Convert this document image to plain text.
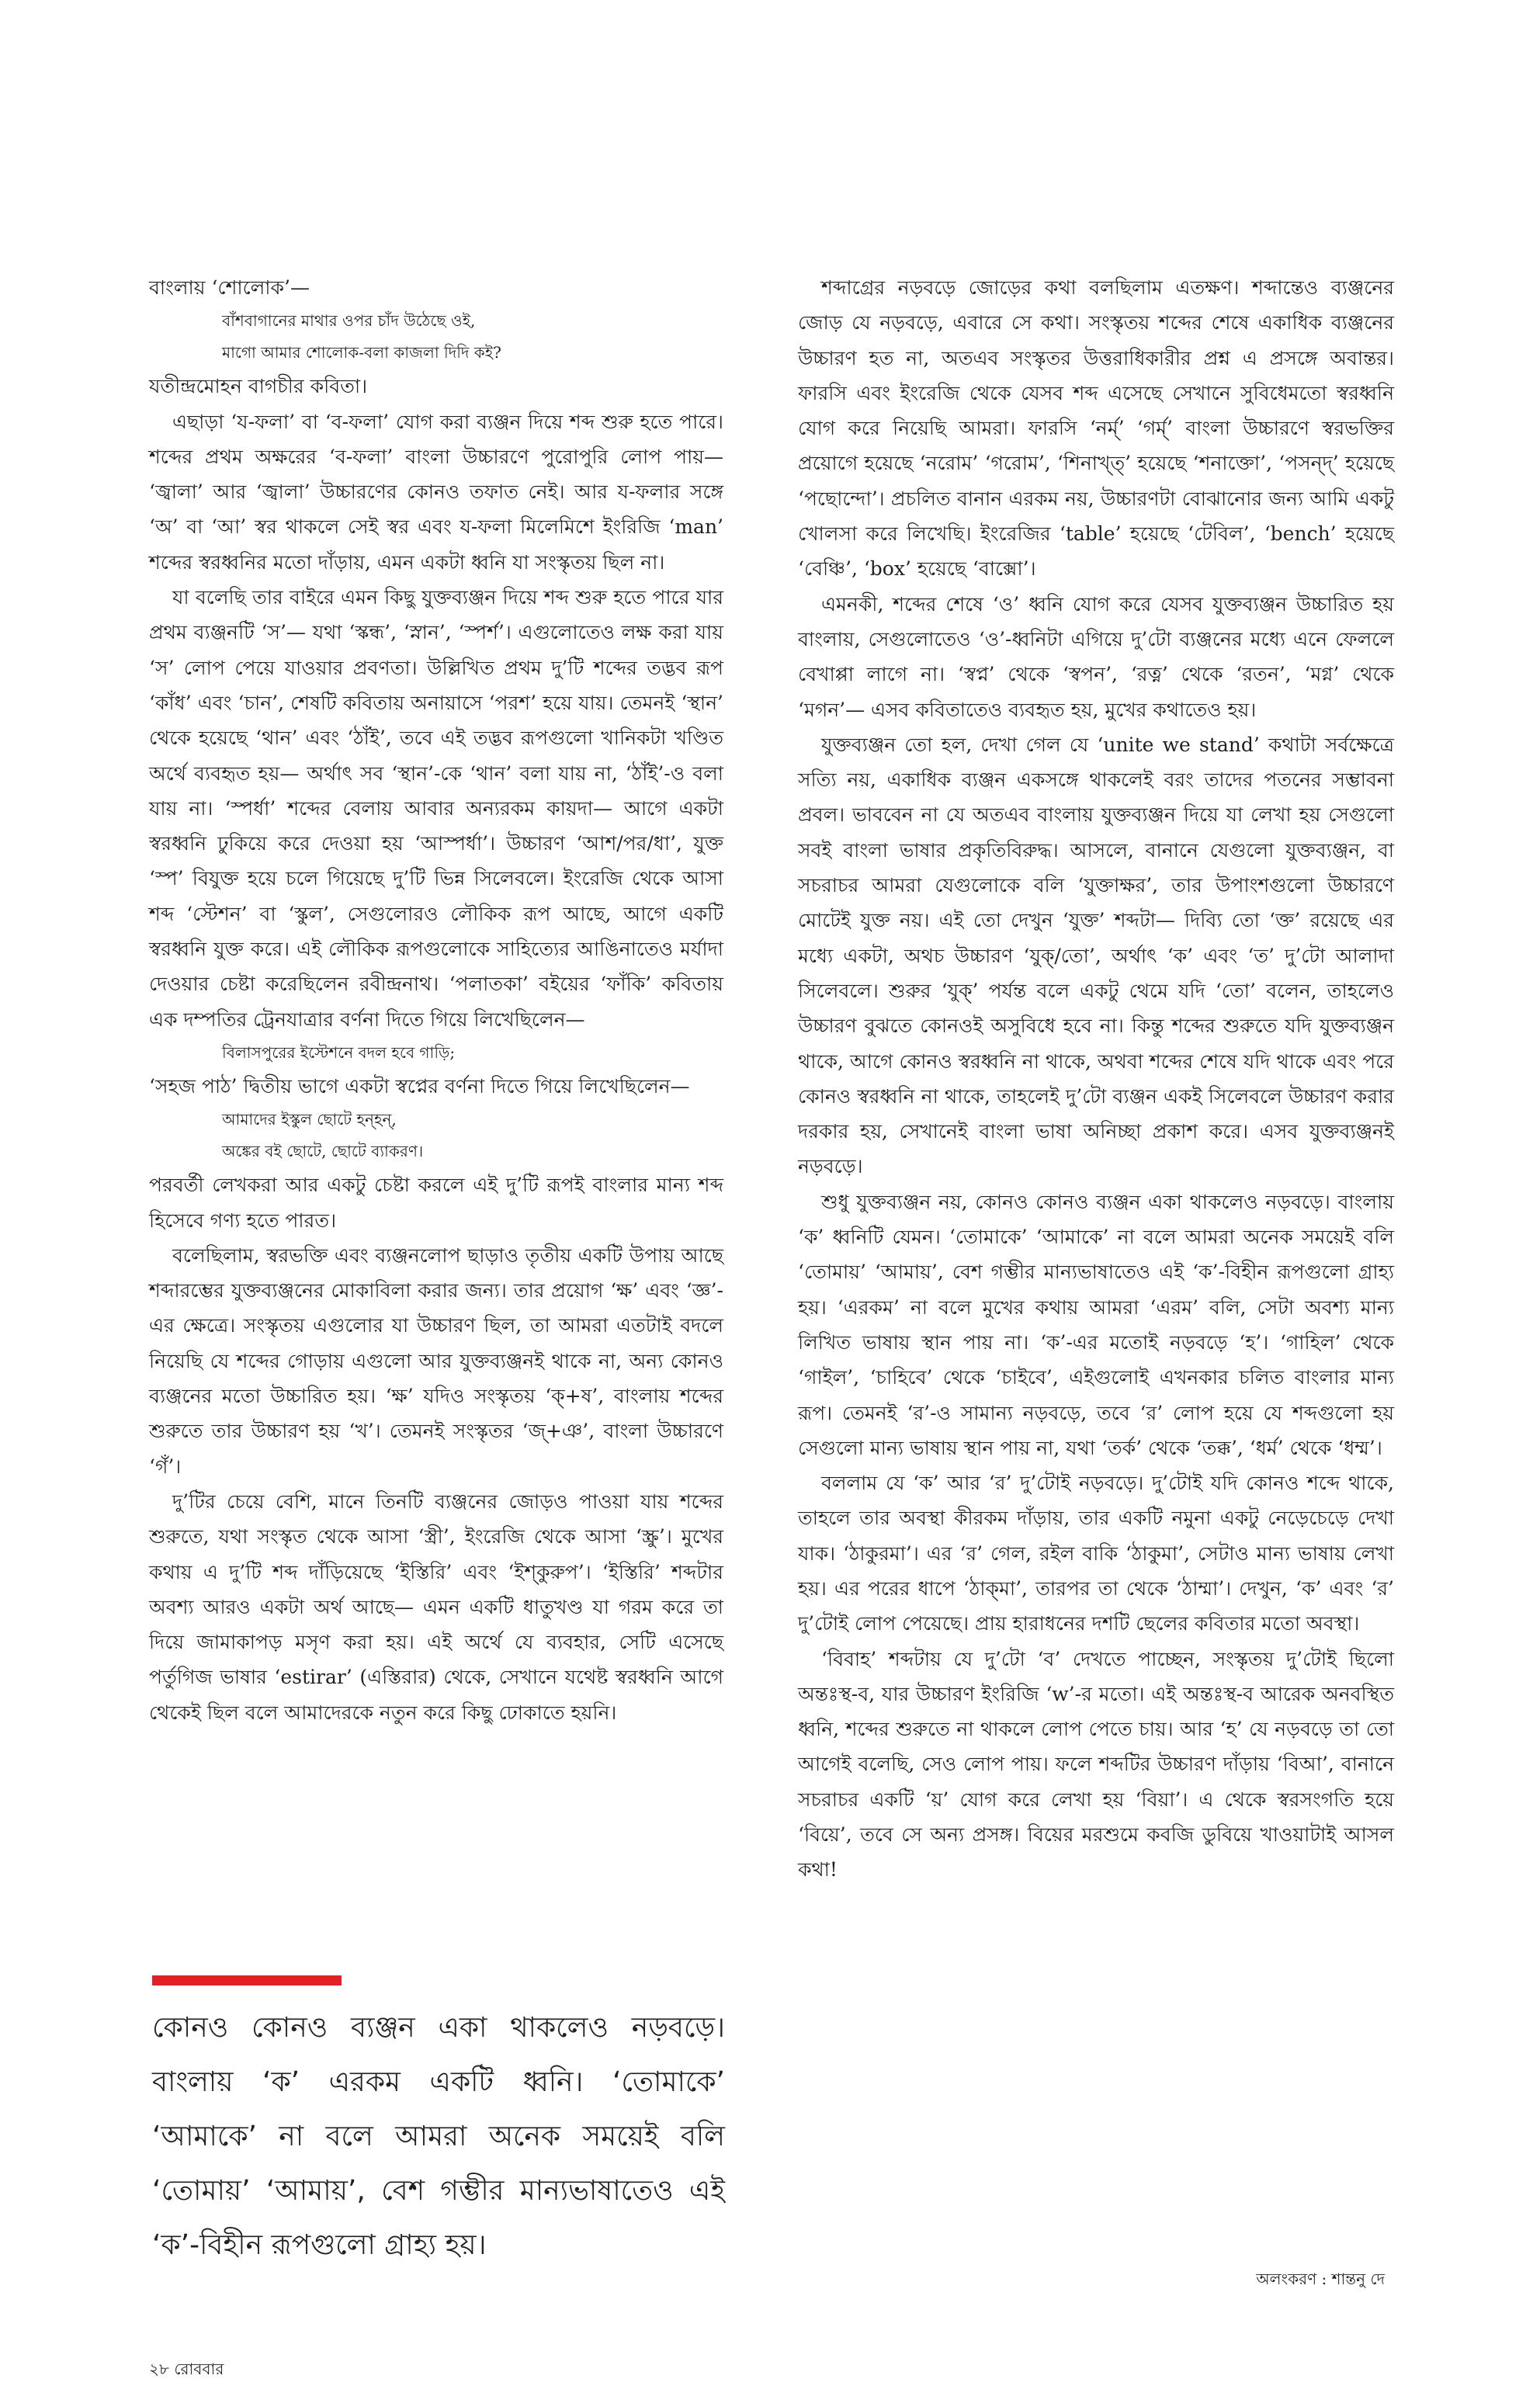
বাংলায় ‘শোলোক’—

বাঁশবাগানের মাথার ওপর চাঁদ উঠেছে ওই,

মাগো আমার শোলোক-বলা কাজলা দিদি কই?

যতীন্দ্রমোহন বাগচীর কবিতা।

এছাড়া ‘য-ফলা’ বা ‘ব-ফলা’ যোগ করা ব্যঞ্জন দিয়ে শব্দ শুরু হতে পারে। শব্দের প্রথম অক্ষরের ‘ব-ফলা’ বাংলা উচ্চারণে পুরোপুরি লোপ পায়— ‘জ্বালা’ আর ‘জ্বালা’ উচ্চারণের কোনও তফাত নেই। আর য-ফলার সঙ্গে ‘অ’ বা ‘আ’ স্বর থাকলে সেই স্বর এবং য-ফলা মিলেমিশে ইংরিজি ‘man’ শব্দের স্বরধ্বনির মতো দাঁড়ায়, এমন একটা ধ্বনি যা সংস্কৃতয় ছিল না।

যা বলেছি তার বাইরে এমন কিছু যুক্তব্যঞ্জন দিয়ে শব্দ শুরু হতে পারে যার প্রথম ব্যঞ্জনটি ‘স’— যথা ‘স্কন্ধ’, ‘স্নান’, ‘স্পর্শ’। এগুলোতেও লক্ষ করা যায় ‘স’ লোপ পেয়ে যাওয়ার প্রবণতা। উল্লিখিত প্রথম দু’টি শব্দের তদ্ভব রূপ ‘কাঁধ’ এবং ‘চান’, শেষটি কবিতায় অনায়াসে ‘পরশ’ হয়ে যায়। তেমনই ‘স্থান’ থেকে হয়েছে ‘থান’ এবং ‘ঠাঁই’, তবে এই তদ্ভব রূপগুলো খানিকটা খণ্ডিত অর্থে ব্যবহৃত হয়— অর্থাৎ সব ‘স্থান’-কে ‘থান’ বলা যায় না, ‘ঠাঁই’-ও বলা যায় না। ‘স্পর্ধা’ শব্দের বেলায় আবার অন্যরকম কায়দা— আগে একটা স্বরধ্বনি ঢুকিয়ে করে দেওয়া হয় ‘আস্পর্ধা’। উচ্চারণ ‘আশ/পর/ধা’, যুক্ত ‘স্প’ বিযুক্ত হয়ে চলে গিয়েছে দু’টি ভিন্ন সিলেবলে। ইংরেজি থেকে আসা শব্দ ‘স্টেশন’ বা ‘স্কুল’, সেগুলোরও লৌকিক রূপ আছে, আগে একটি স্বরধ্বনি যুক্ত করে। এই লৌকিক রূপগুলোকে সাহিত্যের আঙিনাতেও মর্যাদা দেওয়ার চেষ্টা করেছিলেন রবীন্দ্রনাথ। ‘পলাতকা’ বইয়ের ‘ফাঁকি’ কবিতায় এক দম্পতির ট্রেনযাত্রার বর্ণনা দিতে গিয়ে লিখেছিলেন—

বিলাসপুরের ইস্টেশনে বদল হবে গাড়ি;

‘সহজ পাঠ’ দ্বিতীয় ভাগে একটা স্বপ্নের বর্ণনা দিতে গিয়ে লিখেছিলেন—

আমাদের ইস্কুল ছোটে হন্হন্,

অঙ্কের বই ছোটে, ছোটে ব্যাকরণ।

পরবর্তী লেখকরা আর একটু চেষ্টা করলে এই দু’টি রূপই বাংলার মান্য শব্দ হিসেবে গণ্য হতে পারত।

বলেছিলাম, স্বরভক্তি এবং ব্যঞ্জনলোপ ছাড়াও তৃতীয় একটি উপায় আছে শব্দারম্ভের যুক্তব্যঞ্জনের মোকাবিলা করার জন্য। তার প্রয়োগ ‘ক্ষ’ এবং ‘জ্ঞ’-এর ক্ষেত্রে। সংস্কৃতয় এগুলোর যা উচ্চারণ ছিল, তা আমরা এতটাই বদলে নিয়েছি যে শব্দের গোড়ায় এগুলো আর যুক্তব্যঞ্জনই থাকে না, অন্য কোনও ব্যঞ্জনের মতো উচ্চারিত হয়। ‘ক্ষ’ যদিও সংস্কৃতয় ‘ক্+ষ’, বাংলায় শব্দের শুরুতে তার উচ্চারণ হয় ‘খ’। তেমনই সংস্কৃতর ‘জ্+ঞ’, বাংলা উচ্চারণে ‘গঁ’।

দু’টির চেয়ে বেশি, মানে তিনটি ব্যঞ্জনের জোড়ও পাওয়া যায় শব্দের শুরুতে, যথা সংস্কৃত থেকে আসা ‘স্ত্রী’, ইংরেজি থেকে আসা ‘স্ক্রু’। মুখের কথায় এ দু’টি শব্দ দাঁড়িয়েছে ‘ইস্তিরি’ এবং ‘ইশ্‌কুরুপ’। ‘ইস্তিরি’ শব্দটার অবশ্য আরও একটা অর্থ আছে— এমন একটি ধাতুখণ্ড যা গরম করে তা দিয়ে জামাকাপড় মসৃণ করা হয়। এই অর্থে যে ব্যবহার, সেটি এসেছে পর্তুগিজ ভাষার ‘estirar’ (এস্তিরার) থেকে, সেখানে যথেষ্ট স্বরধ্বনি আগে থেকেই ছিল বলে আমাদেরকে নতুন করে কিছু ঢোকাতে হয়নি।

শব্দাগ্রের নড়বড়ে জোড়ের কথা বলছিলাম এতক্ষণ। শব্দান্তেও ব্যঞ্জনের জোড় যে নড়বড়ে, এবারে সে কথা। সংস্কৃতয় শব্দের শেষে একাধিক ব্যঞ্জনের উচ্চারণ হত না, অতএব সংস্কৃতর উত্তরাধিকারীর প্রশ্ন এ প্রসঙ্গে অবান্তর। ফারসি এবং ইংরেজি থেকে যেসব শব্দ এসেছে সেখানে সুবিধেমতো স্বরধ্বনি যোগ করে নিয়েছি আমরা। ফারসি ‘নর্ম্’ ‘গর্ম্’ বাংলা উচ্চারণে স্বরভক্তির প্রয়োগে হয়েছে ‘নরোম’ ‘গরোম’, ‘শিনাখ্‌ত্’ হয়েছে ‘শনাক্তো’, ‘পসন্দ্’ হয়েছে ‘পছোন্দো’। প্রচলিত বানান এরকম নয়, উচ্চারণটা বোঝানোর জন্য আমি একটু খোলসা করে লিখেছি। ইংরেজির ‘table’ হয়েছে ‘টেবিল’, ‘bench’ হয়েছে ‘বেঞ্চি’, ‘box’ হয়েছে ‘বাক্সো’।

এমনকী, শব্দের শেষে ‘ও’ ধ্বনি যোগ করে যেসব যুক্তব্যঞ্জন উচ্চারিত হয় বাংলায়, সেগুলোতেও ‘ও’-ধ্বনিটা এগিয়ে দু’টো ব্যঞ্জনের মধ্যে এনে ফেললে বেখাপ্পা লাগে না। ‘স্বপ্ন’ থেকে ‘স্বপন’, ‘রত্ন’ থেকে ‘রতন’, ‘মগ্ন’ থেকে ‘মগন’— এসব কবিতাতেও ব্যবহৃত হয়, মুখের কথাতেও হয়।

যুক্তব্যঞ্জন তো হল, দেখা গেল যে ‘unite we stand’ কথাটা সর্বক্ষেত্রে সত্যি নয়, একাধিক ব্যঞ্জন একসঙ্গে থাকলেই বরং তাদের পতনের সম্ভাবনা প্রবল। ভাববেন না যে অতএব বাংলায় যুক্তব্যঞ্জন দিয়ে যা লেখা হয় সেগুলো সবই বাংলা ভাষার প্রকৃতিবিরুদ্ধ। আসলে, বানানে যেগুলো যুক্তব্যঞ্জন, বা সচরাচর আমরা যেগুলোকে বলি ‘যুক্তাক্ষর’, তার উপাংশগুলো উচ্চারণে মোটেই যুক্ত নয়। এই তো দেখুন ‘যুক্ত’ শব্দটা— দিব্যি তো ‘ক্ত’ রয়েছে এর মধ্যে একটা, অথচ উচ্চারণ ‘যুক্/তো’, অর্থাৎ ‘ক’ এবং ‘ত’ দু’টো আলাদা সিলেবলে। শুরুর ‘যুক্’ পর্যন্ত বলে একটু থেমে যদি ‘তো’ বলেন, তাহলেও উচ্চারণ বুঝতে কোনওই অসুবিধে হবে না। কিন্তু শব্দের শুরুতে যদি যুক্তব্যঞ্জন থাকে, আগে কোনও স্বরধ্বনি না থাকে, অথবা শব্দের শেষে যদি থাকে এবং পরে কোনও স্বরধ্বনি না থাকে, তাহলেই দু’টো ব্যঞ্জন একই সিলেবলে উচ্চারণ করার দরকার হয়, সেখানেই বাংলা ভাষা অনিচ্ছা প্রকাশ করে। এসব যুক্তব্যঞ্জনই নড়বড়ে।

শুধু যুক্তব্যঞ্জন নয়, কোনও কোনও ব্যঞ্জন একা থাকলেও নড়বড়ে। বাংলায় ‘ক’ ধ্বনিটি যেমন। ‘তোমাকে’ ‘আমাকে’ না বলে আমরা অনেক সময়েই বলি ‘তোমায়’ ‘আমায়’, বেশ গম্ভীর মান্যভাষাতেও এই ‘ক’-বিহীন রূপগুলো গ্রাহ্য হয়। ‘এরকম’ না বলে মুখের কথায় আমরা ‘এরম’ বলি, সেটা অবশ্য মান্য লিখিত ভাষায় স্থান পায় না। ‘ক’-এর মতোই নড়বড়ে ‘হ’। ‘গাহিল’ থেকে ‘গাইল’, ‘চাহিবে’ থেকে ‘চাইবে’, এইগুলোই এখনকার চলিত বাংলার মান্য রূপ। তেমনই ‘র’-ও সামান্য নড়বড়ে, তবে ‘র’ লোপ হয়ে যে শব্দগুলো হয় সেগুলো মান্য ভাষায় স্থান পায় না, যথা ‘তর্ক’ থেকে ‘তক্ক’, ‘ধর্ম’ থেকে ‘ধম্ম’।

বললাম যে ‘ক’ আর ‘র’ দু’টোই নড়বড়ে। দু’টোই যদি কোনও শব্দে থাকে, তাহলে তার অবস্থা কীরকম দাঁড়ায়, তার একটি নমুনা একটু নেড়েচেড়ে দেখা যাক। ‘ঠাকুরমা’। এর ‘র’ গেল, রইল বাকি ‘ঠাকুমা’, সেটাও মান্য ভাষায় লেখা হয়। এর পরের ধাপে ‘ঠাক্‌মা’, তারপর তা থেকে ‘ঠাম্মা’। দেখুন, ‘ক’ এবং ‘র’ দু’টোই লোপ পেয়েছে। প্রায় হারাধনের দশটি ছেলের কবিতার মতো অবস্থা।

‘বিবাহ’ শব্দটায় যে দু’টো ‘ব’ দেখতে পাচ্ছেন, সংস্কৃতয় দু’টোই ছিলো অন্তঃস্থ-ব, যার উচ্চারণ ইংরিজি ‘w’-র মতো। এই অন্তঃস্থ-ব আরেক অনবস্থিত ধ্বনি, শব্দের শুরুতে না থাকলে লোপ পেতে চায়। আর ‘হ’ যে নড়বড়ে তা তো আগেই বলেছি, সেও লোপ পায়। ফলে শব্দটির উচ্চারণ দাঁড়ায় ‘বিআ’, বানানে সচরাচর একটি ‘য়’ যোগ করে লেখা হয় ‘বিয়া’। এ থেকে স্বরসংগতি হয়ে ‘বিয়ে’, তবে সে অন্য প্রসঙ্গ। বিয়ের মরশুমে কবজি ডুবিয়ে খাওয়াটাই আসল কথা!

কোনও কোনও ব্যঞ্জন একা থাকলেও নড়বড়ে। বাংলায় ‘ক’ এরকম একটি ধ্বনি। ‘তোমাকে’ ‘আমাকে’ না বলে আমরা অনেক সময়েই বলি ‘তোমায়’ ‘আমায়’, বেশ গম্ভীর মান্যভাষাতেও এই ‘ক’-বিহীন রূপগুলো গ্রাহ্য হয়।

অলংকরণ : শান্তনু দে
২৮ রোববার
